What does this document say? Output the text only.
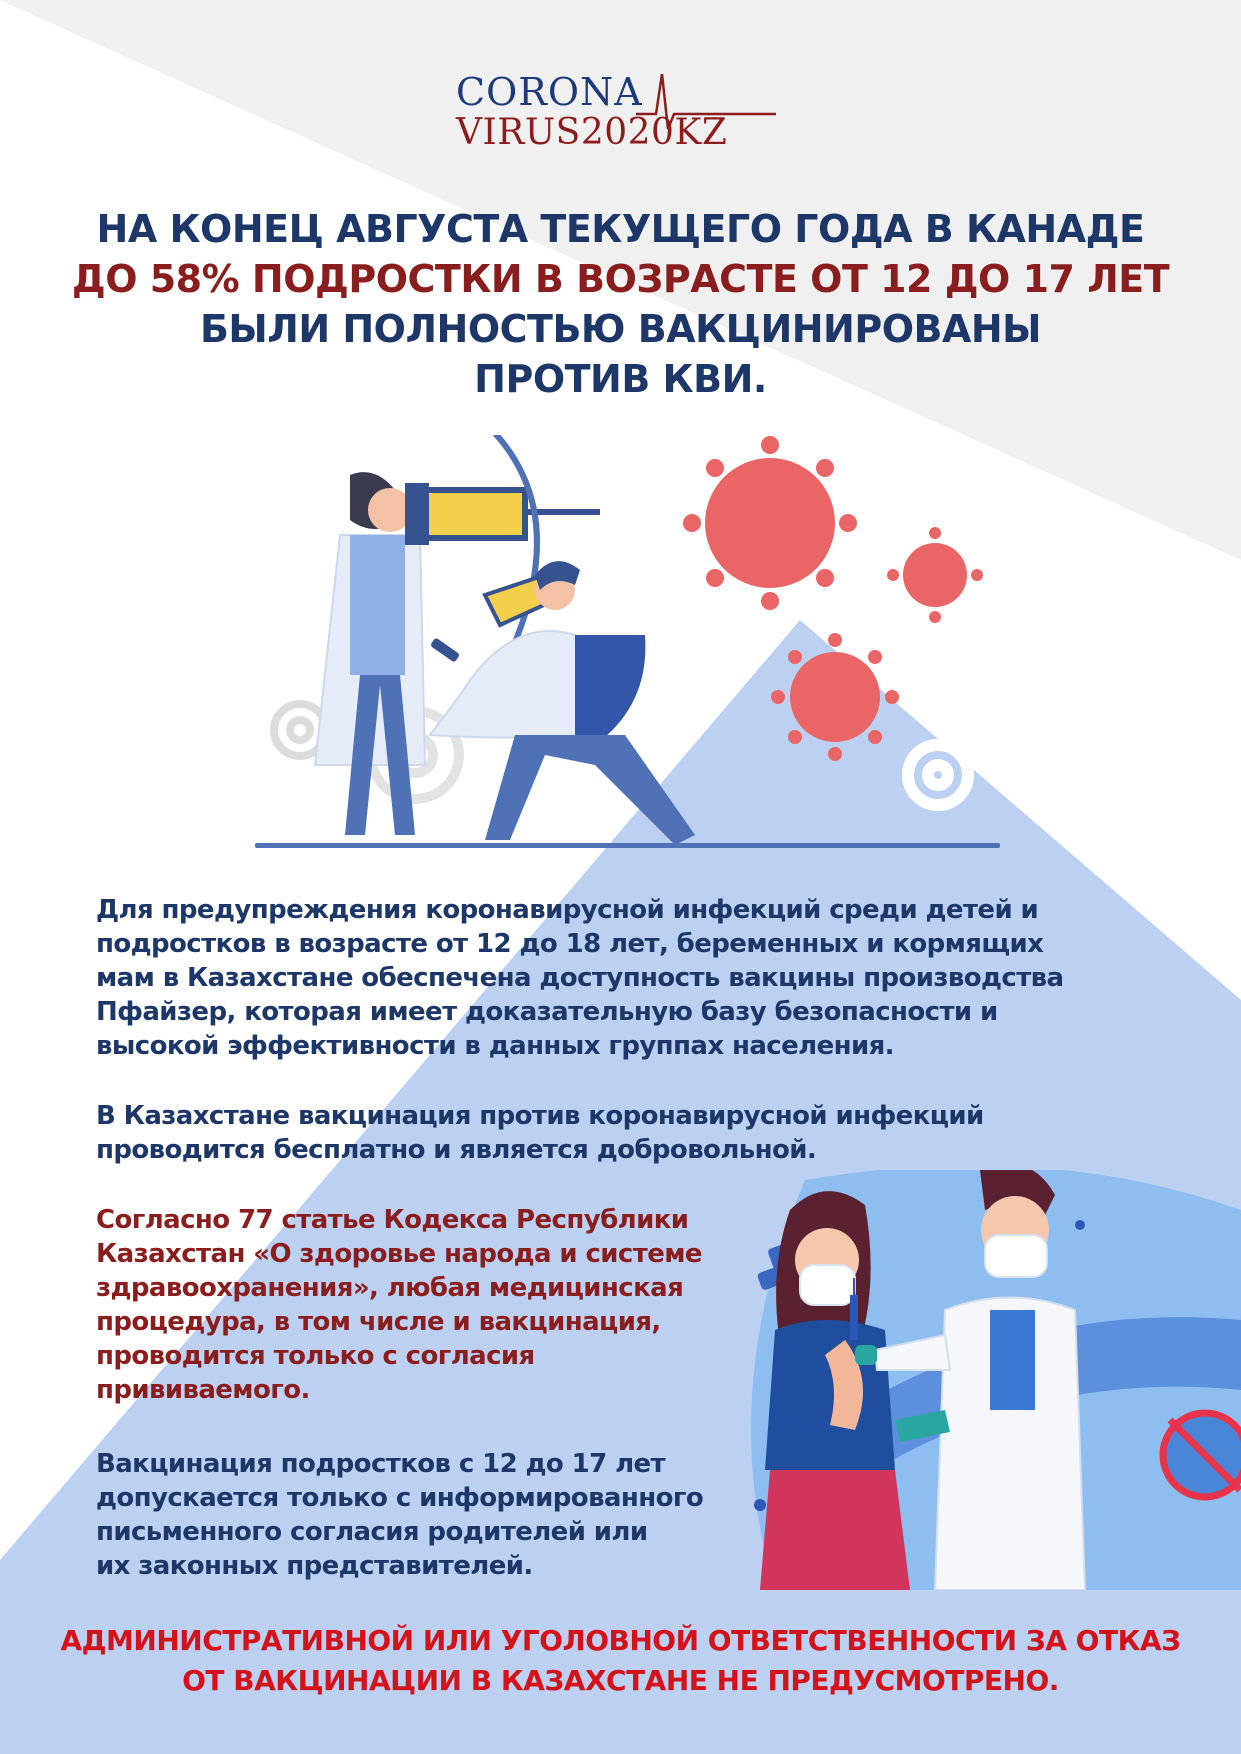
CORONA
VIRUS2020KZ
НА КОНЕЦ АВГУСТА ТЕКУЩЕГО ГОДА В КАНАДЕ
ДО 58% ПОДРОСТКИ В ВОЗРАСТЕ ОТ 12 ДО 17 ЛЕТ
БЫЛИ ПОЛНОСТЬЮ ВАКЦИНИРОВАНЫ
ПРОТИВ КВИ.
Для предупреждения коронавирусной инфекций среди детей и
подростков в возрасте от 12 до 18 лет, беременных и кормящих
мам в Казахстане обеспечена доступность вакцины производства
Пфайзер, которая имеет доказательную базу безопасности и
высокой эффективности в данных группах населения.
В Казахстане вакцинация против коронавирусной инфекций
проводится бесплатно и является добровольной.
Согласно 77 статье Кодекса Республики
Казахстан «О здоровье народа и системе
здравоохранения», любая медицинская
процедура, в том числе и вакцинация,
проводится только с согласия
прививаемого.
Вакцинация подростков с 12 до 17 лет
допускается только с информированного
письменного согласия родителей или
их законных представителей.
АДМИНИСТРАТИВНОЙ ИЛИ УГОЛОВНОЙ ОТВЕТСТВЕННОСТИ ЗА ОТКАЗ
ОТ ВАКЦИНАЦИИ В КАЗАХСТАНЕ НЕ ПРЕДУСМОТРЕНО.
